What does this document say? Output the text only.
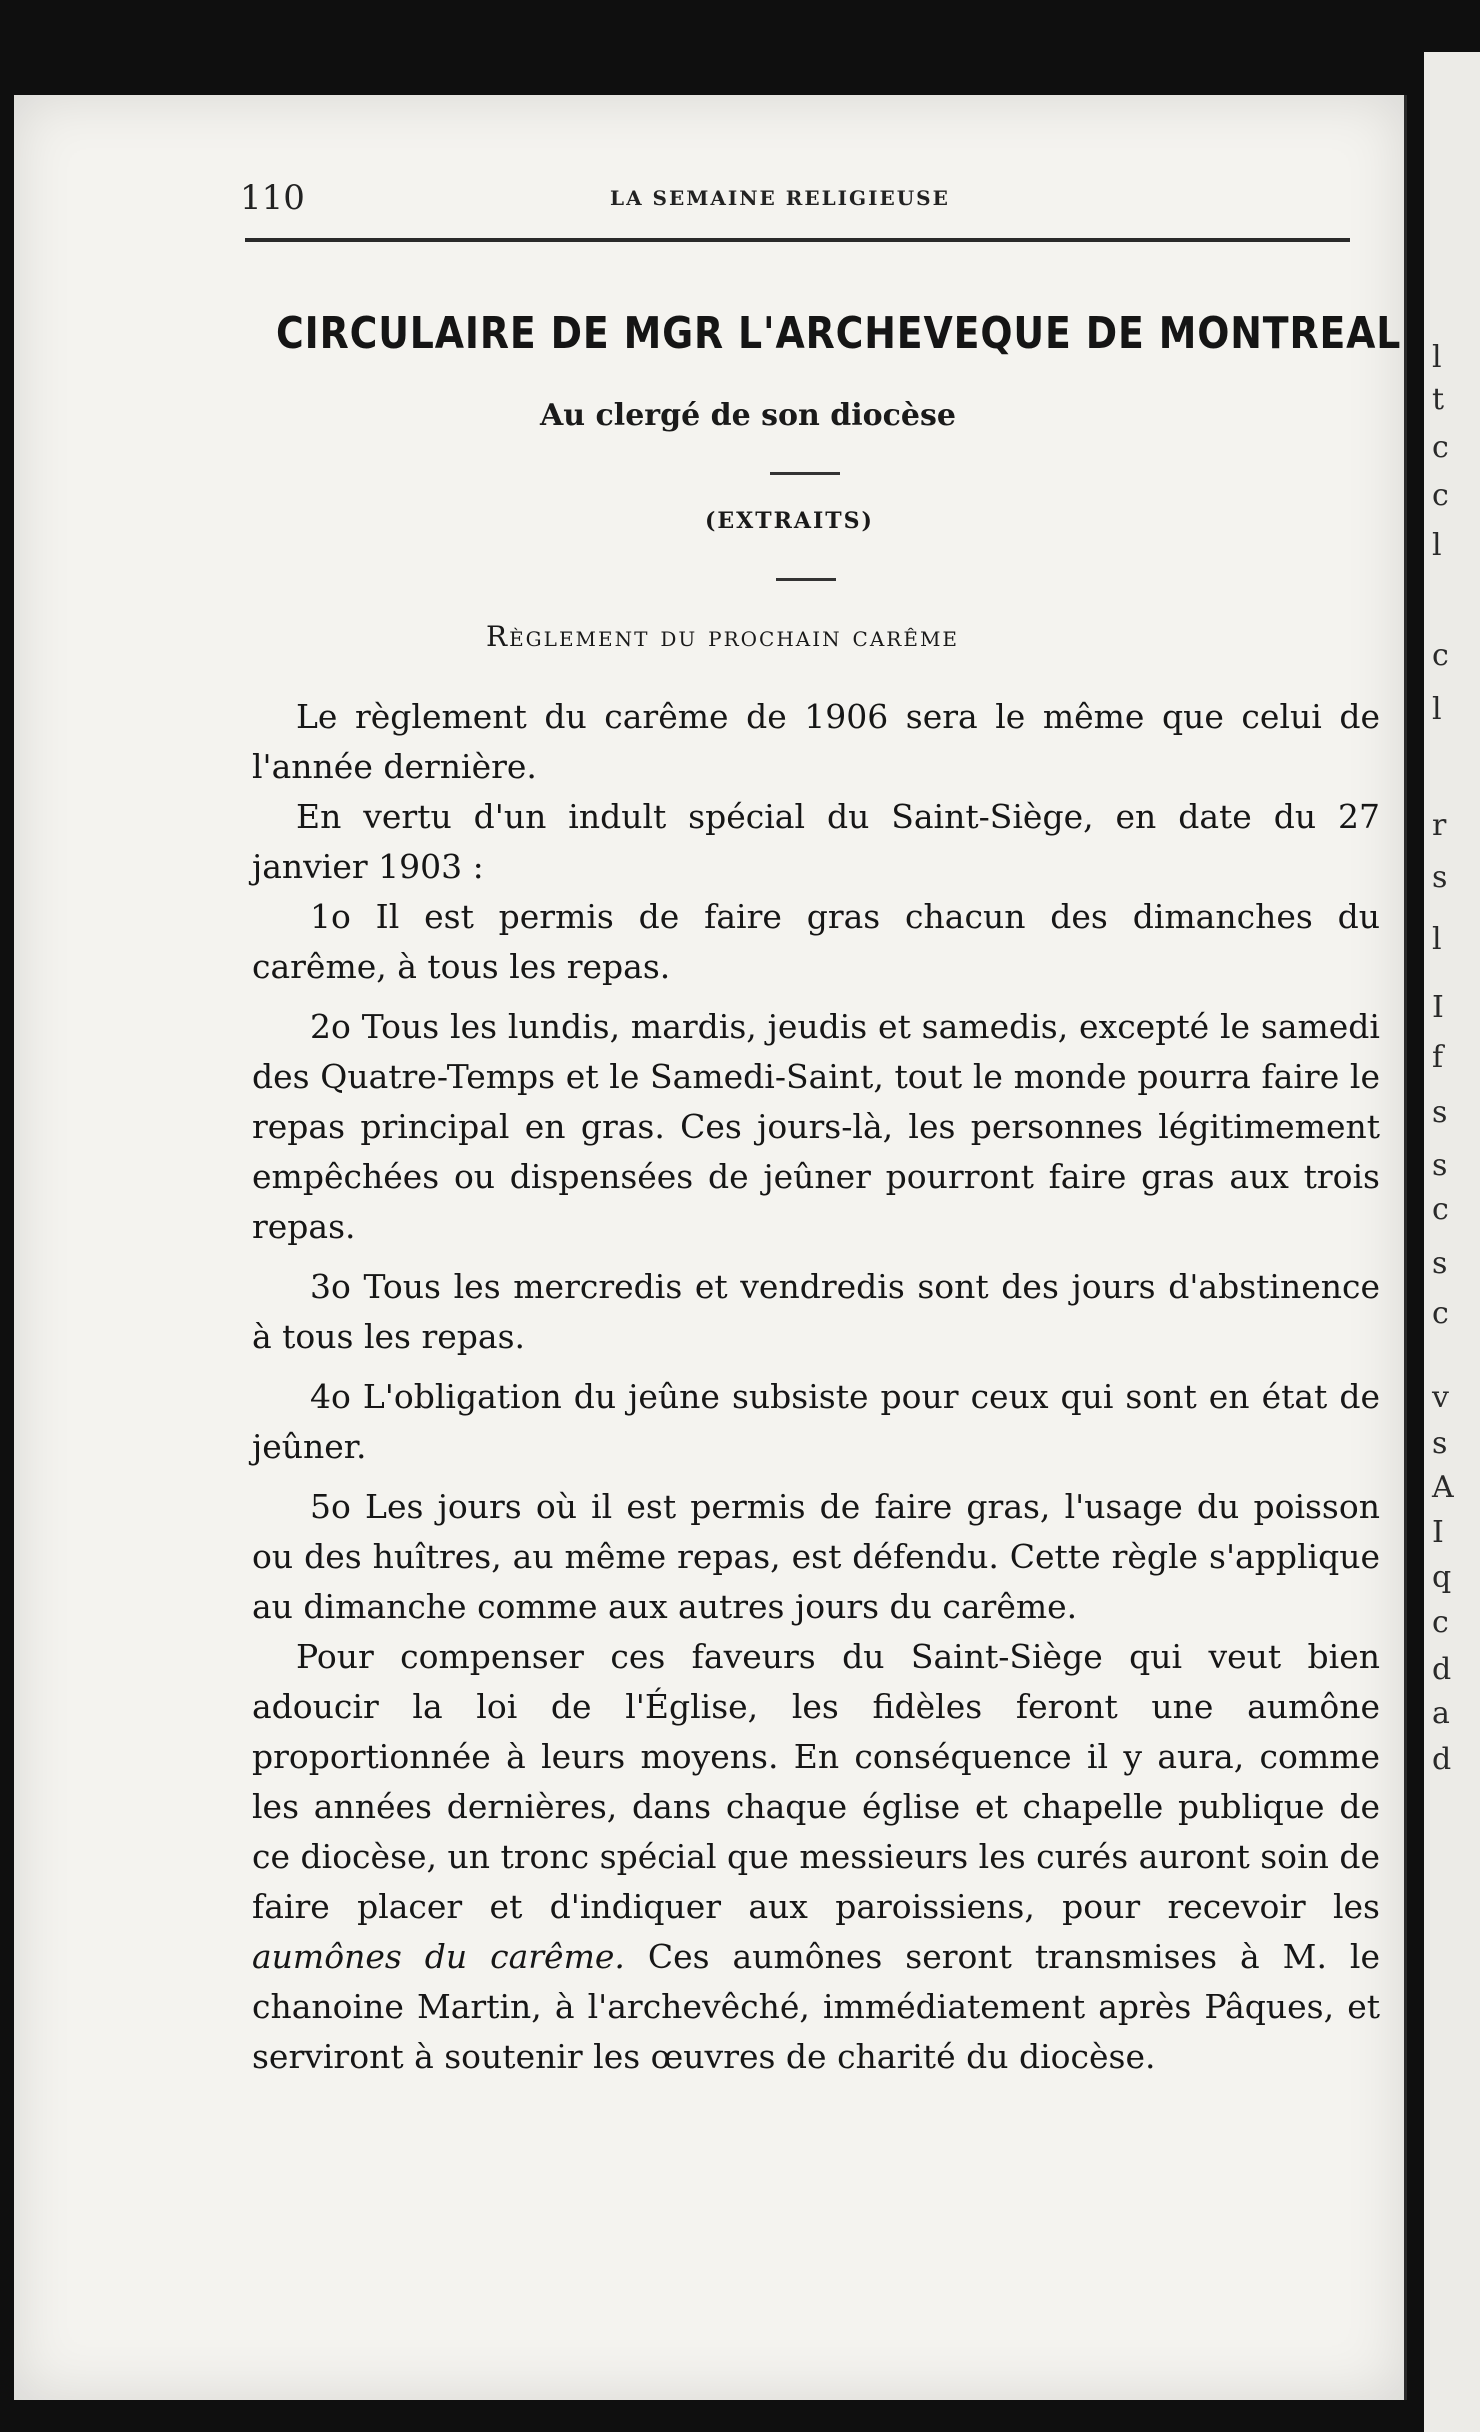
l
t
c
c
l
c
l
r
s
l
I
f
s
s
c
s
c
v
s
A
I
q
c
d
a
d
110	LA SEMAINE RELIGIEUSE
CIRCULAIRE DE MGR L'ARCHEVEQUE DE MONTREAL
Au clergé de son diocèse
(EXTRAITS)
Règlement du prochain carême

Le règlement du carême de 1906 sera le même que celui de l'année dernière.

En vertu d'un indult spécial du Saint-Siège, en date du 27 janvier 1903 :

1o Il est permis de faire gras chacun des dimanches du carême, à tous les repas.

2o Tous les lundis, mardis, jeudis et samedis, excepté le samedi des Quatre-Temps et le Samedi-Saint, tout le monde pourra faire le repas principal en gras. Ces jours-là, les personnes légitimement empêchées ou dispensées de jeûner pourront faire gras aux trois repas.

3o Tous les mercredis et vendredis sont des jours d'abstinence à tous les repas.

4o L'obligation du jeûne subsiste pour ceux qui sont en état de jeûner.

5o Les jours où il est permis de faire gras, l'usage du poisson ou des huîtres, au même repas, est défendu. Cette règle s'applique au dimanche comme aux autres jours du carême.

Pour compenser ces faveurs du Saint-Siège qui veut bien adoucir la loi de l'Église, les fidèles feront une aumône proportionnée à leurs moyens. En conséquence il y aura, comme les années dernières, dans chaque église et chapelle publique de ce diocèse, un tronc spécial que messieurs les curés auront soin de faire placer et d'indiquer aux paroissiens, pour recevoir les aumônes du carême. Ces aumônes seront transmises à M. le chanoine Martin, à l'archevêché, immédiatement après Pâques, et serviront à soutenir les œuvres de charité du diocèse.
